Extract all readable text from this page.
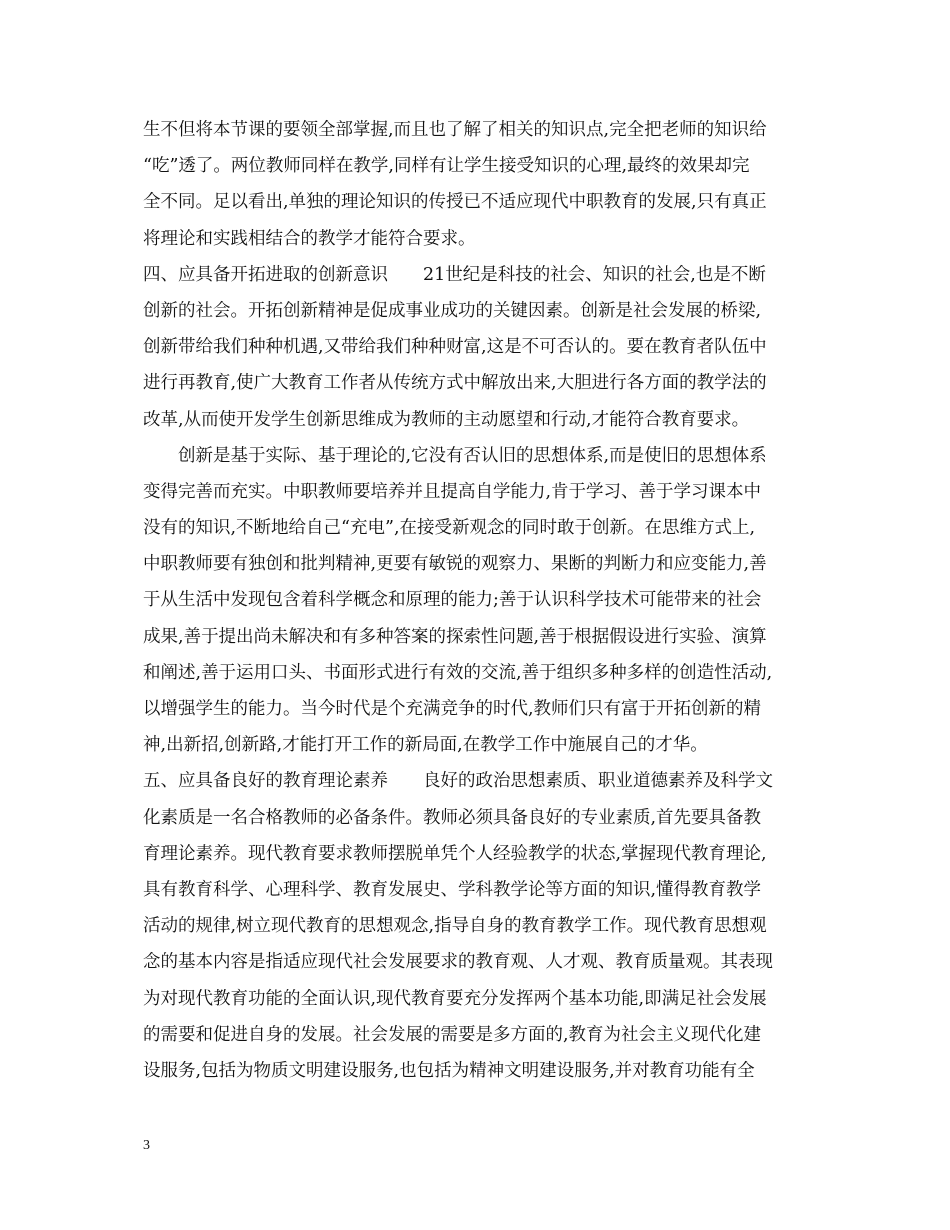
生不但将本节课的要领全部掌握,而且也了解了相关的知识点,完全把老师的知识给
“吃”透了。两位教师同样在教学,同样有让学生接受知识的心理,最终的效果却完
全不同。足以看出,单独的理论知识的传授已不适应现代中职教育的发展,只有真正
将理论和实践相结合的教学才能符合要求。
四、应具备开拓进取的创新意识　　21世纪是科技的社会、知识的社会,也是不断
创新的社会。开拓创新精神是促成事业成功的关键因素。创新是社会发展的桥梁,
创新带给我们种种机遇,又带给我们种种财富,这是不可否认的。要在教育者队伍中
进行再教育,使广大教育工作者从传统方式中解放出来,大胆进行各方面的教学法的
改革,从而使开发学生创新思维成为教师的主动愿望和行动,才能符合教育要求。
创新是基于实际、基于理论的,它没有否认旧的思想体系,而是使旧的思想体系
变得完善而充实。中职教师要培养并且提高自学能力,肯于学习、善于学习课本中
没有的知识,不断地给自己“充电”,在接受新观念的同时敢于创新。在思维方式上,
中职教师要有独创和批判精神,更要有敏锐的观察力、果断的判断力和应变能力,善
于从生活中发现包含着科学概念和原理的能力;善于认识科学技术可能带来的社会
成果,善于提出尚未解决和有多种答案的探索性问题,善于根据假设进行实验、演算
和阐述,善于运用口头、书面形式进行有效的交流,善于组织多种多样的创造性活动,
以增强学生的能力。当今时代是个充满竞争的时代,教师们只有富于开拓创新的精
神,出新招,创新路,才能打开工作的新局面,在教学工作中施展自己的才华。
五、应具备良好的教育理论素养　　良好的政治思想素质、职业道德素养及科学文
化素质是一名合格教师的必备条件。教师必须具备良好的专业素质,首先要具备教
育理论素养。现代教育要求教师摆脱单凭个人经验教学的状态,掌握现代教育理论,
具有教育科学、心理科学、教育发展史、学科教学论等方面的知识,懂得教育教学
活动的规律,树立现代教育的思想观念,指导自身的教育教学工作。现代教育思想观
念的基本内容是指适应现代社会发展要求的教育观、人才观、教育质量观。其表现
为对现代教育功能的全面认识,现代教育要充分发挥两个基本功能,即满足社会发展
的需要和促进自身的发展。社会发展的需要是多方面的,教育为社会主义现代化建
设服务,包括为物质文明建设服务,也包括为精神文明建设服务,并对教育功能有全
3
